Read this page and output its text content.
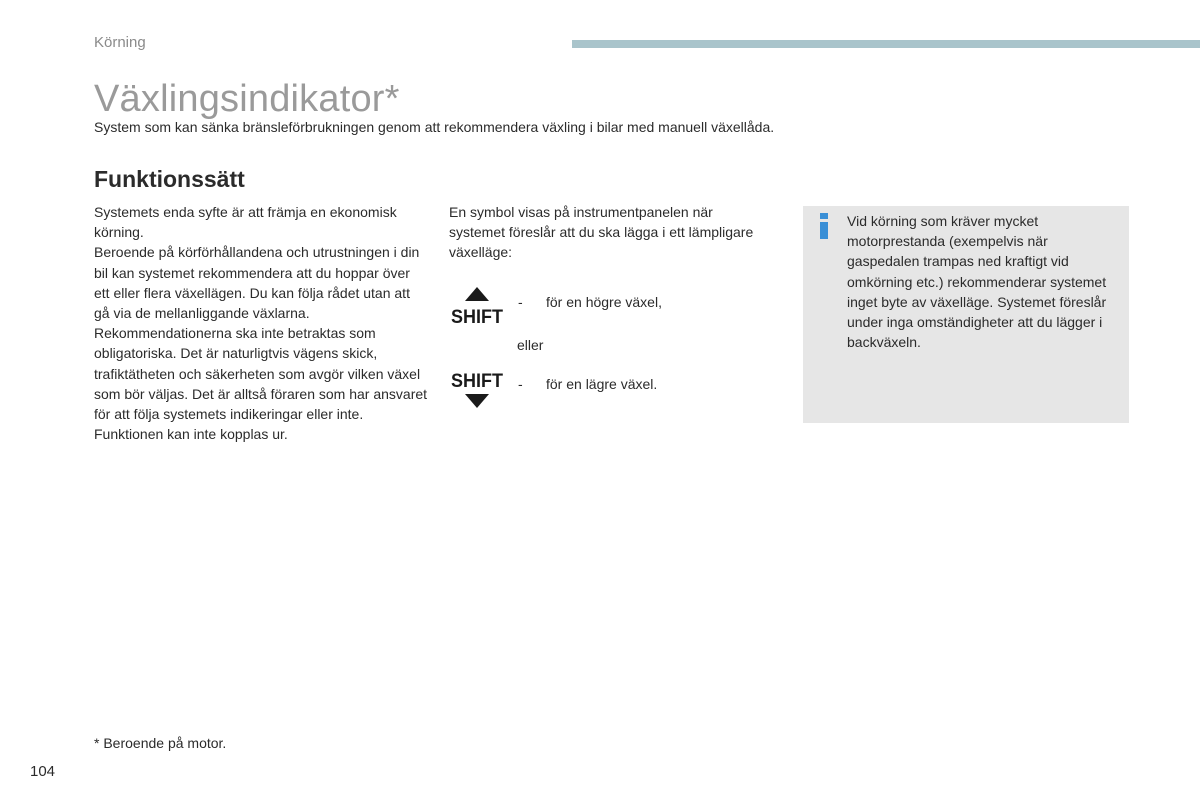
Körning
Växlingsindikator*
System som kan sänka bränsleförbrukningen genom att rekommendera växling i bilar med manuell växellåda.
Funktionssätt

Systemets enda syfte är att främja en ekonomisk körning.

Beroende på körförhållandena och utrustningen i din bil kan systemet rekommendera att du hoppar över ett eller flera växellägen. Du kan följa rådet utan att gå via de mellanliggande växlarna.

Rekommendationerna ska inte betraktas som obligatoriska. Det är naturligtvis vägens skick, trafiktätheten och säkerheten som avgör vilken växel som bör väljas. Det är alltså föraren som har ansvaret för att följa systemets indikeringar eller inte.

Funktionen kan inte kopplas ur.

En symbol visas på instrumentpanelen när systemet föreslår att du ska lägga i ett lämpligare växelläge:
SHIFT
SHIFT
- för en högre växel,
eller
- för en lägre växel.
Vid körning som kräver mycket motorprestanda (exempelvis när gaspedalen trampas ned kraftigt vid omkörning etc.) rekommenderar systemet inget byte av växelläge. Systemet föreslår under inga omständigheter att du lägger i backväxeln.
* Beroende på motor.
104
